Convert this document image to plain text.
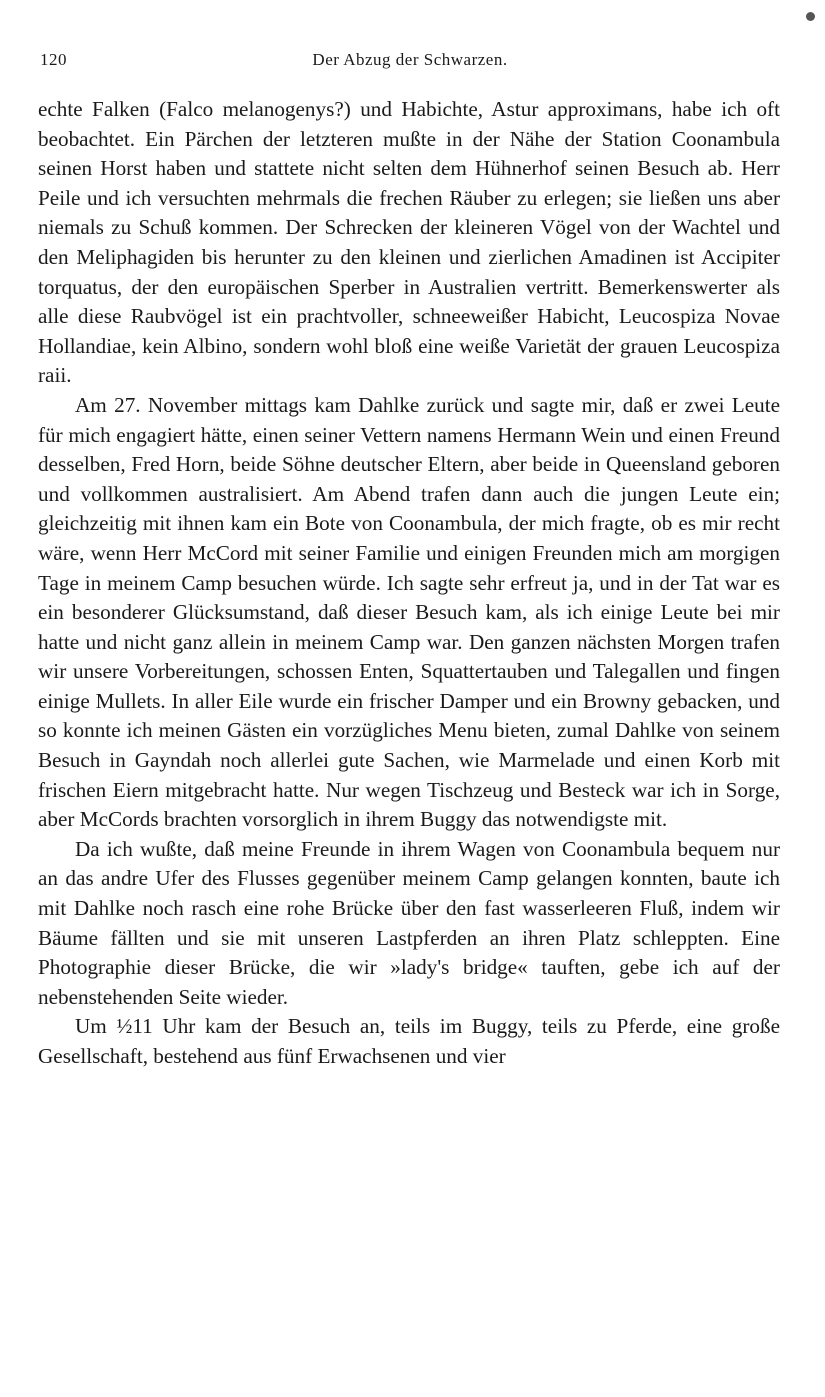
120	Der Abzug der Schwarzen.

echte Falken (Falco melanogenys?) und Habichte, Astur approximans, habe ich oft beobachtet. Ein Pärchen der letzteren mußte in der Nähe der Station Coonambula seinen Horst haben und stattete nicht selten dem Hühnerhof seinen Besuch ab. Herr Peile und ich versuchten mehrmals die frechen Räuber zu erlegen; sie ließen uns aber niemals zu Schuß kommen. Der Schrecken der kleineren Vögel von der Wachtel und den Meliphagiden bis herunter zu den kleinen und zierlichen Amadinen ist Accipiter torquatus, der den europäischen Sperber in Australien vertritt. Bemerkenswerter als alle diese Raubvögel ist ein prachtvoller, schneeweißer Habicht, Leucospiza Novae Hollandiae, kein Albino, sondern wohl bloß eine weiße Varietät der grauen Leucospiza raii.

Am 27. November mittags kam Dahlke zurück und sagte mir, daß er zwei Leute für mich engagiert hätte, einen seiner Vettern namens Hermann Wein und einen Freund desselben, Fred Horn, beide Söhne deutscher Eltern, aber beide in Queensland geboren und vollkommen australisiert. Am Abend trafen dann auch die jungen Leute ein; gleichzeitig mit ihnen kam ein Bote von Coonambula, der mich fragte, ob es mir recht wäre, wenn Herr McCord mit seiner Familie und einigen Freunden mich am morgigen Tage in meinem Camp besuchen würde. Ich sagte sehr erfreut ja, und in der Tat war es ein besonderer Glücksumstand, daß dieser Besuch kam, als ich einige Leute bei mir hatte und nicht ganz allein in meinem Camp war. Den ganzen nächsten Morgen trafen wir unsere Vorbereitungen, schossen Enten, Squattertauben und Talegallen und fingen einige Mullets. In aller Eile wurde ein frischer Damper und ein Browny gebacken, und so konnte ich meinen Gästen ein vorzügliches Menu bieten, zumal Dahlke von seinem Besuch in Gayndah noch allerlei gute Sachen, wie Marmelade und einen Korb mit frischen Eiern mitgebracht hatte. Nur wegen Tischzeug und Besteck war ich in Sorge, aber McCords brachten vorsorglich in ihrem Buggy das notwendigste mit.

Da ich wußte, daß meine Freunde in ihrem Wagen von Coonambula bequem nur an das andre Ufer des Flusses gegenüber meinem Camp gelangen konnten, baute ich mit Dahlke noch rasch eine rohe Brücke über den fast wasserleeren Fluß, indem wir Bäume fällten und sie mit unseren Lastpferden an ihren Platz schleppten. Eine Photographie dieser Brücke, die wir »lady's bridge« tauften, gebe ich auf der nebenstehenden Seite wieder.

Um ½11 Uhr kam der Besuch an, teils im Buggy, teils zu Pferde, eine große Gesellschaft, bestehend aus fünf Erwachsenen und vier
